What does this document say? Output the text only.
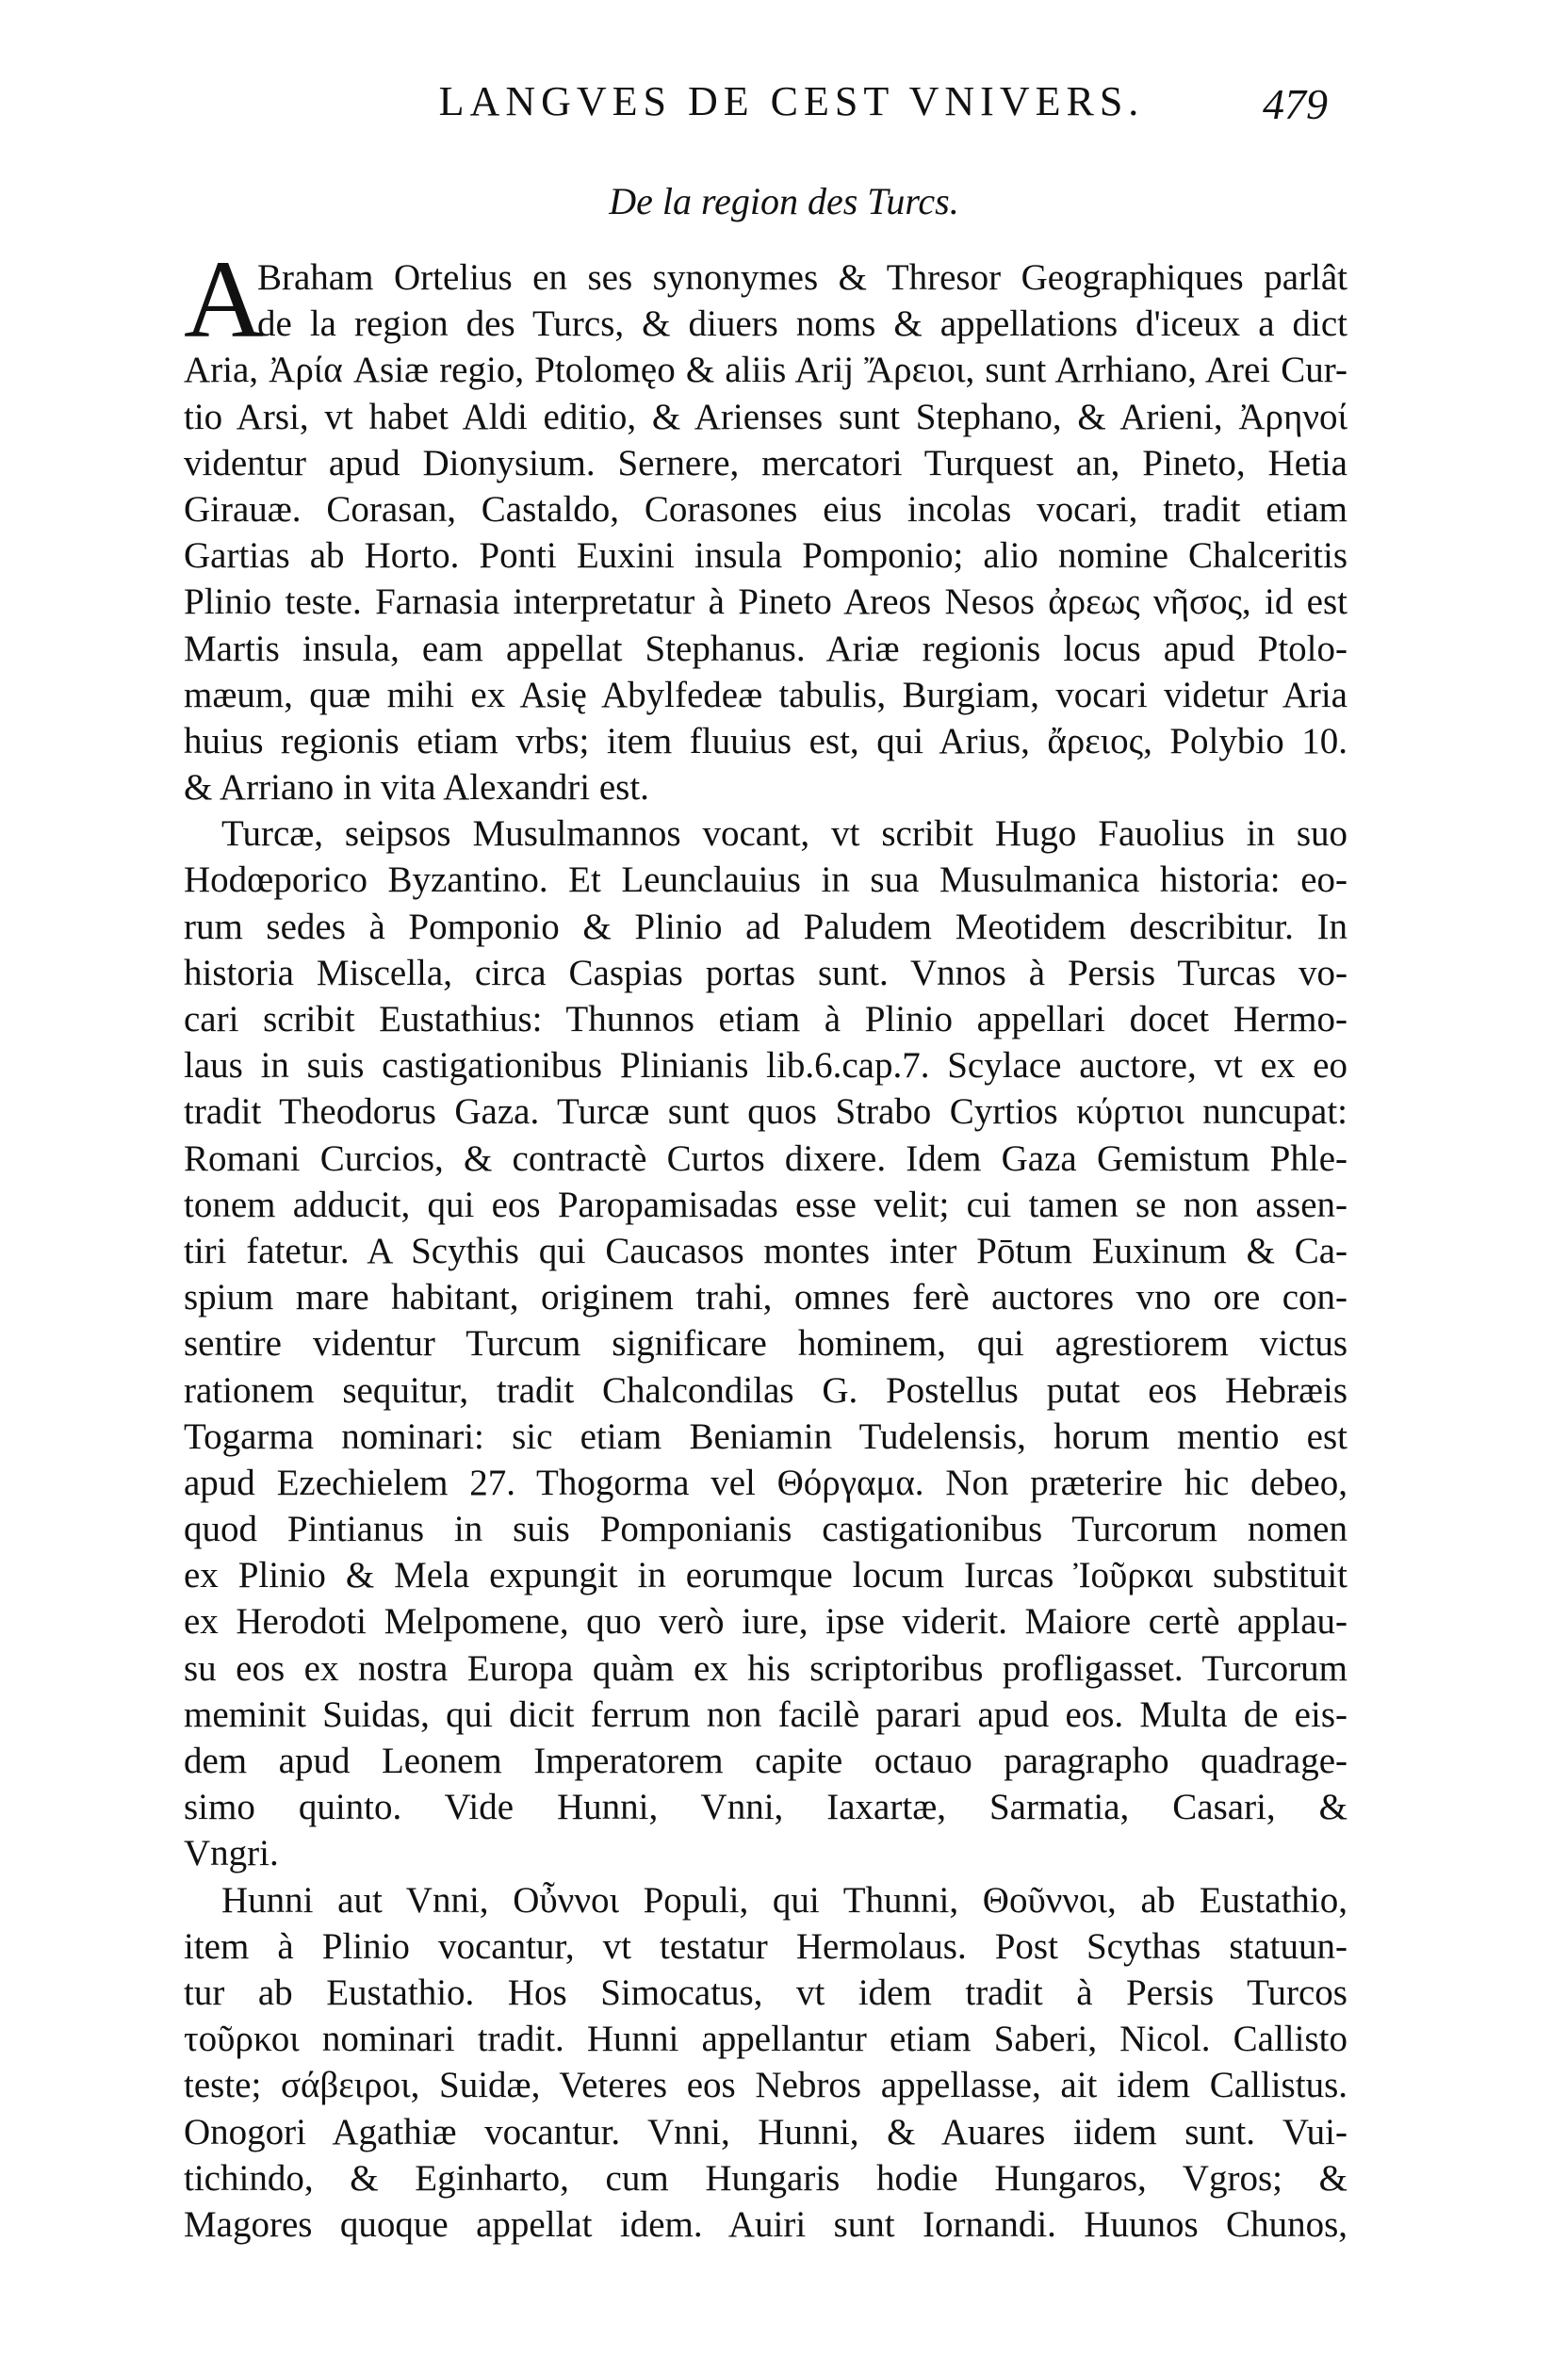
LANGVES DE CEST VNIVERS.	479
De la region des Turcs.
A
Braham Ortelius en ses synonymes & Thresor Geographiques parlât
de la region des Turcs, & diuers noms & appellations d'iceux a dict
Aria, Ἀρία Asiæ regio, Ptolomęo & aliis Arij Ἄρειοι, sunt Arrhiano, Arei Cur-
tio Arsi, vt habet Aldi editio, & Arienses sunt Stephano, & Arieni, Ἀρηνοί
videntur apud Dionysium. Sernere, mercatori Turquest an, Pineto, Hetia
Girauæ. Corasan, Castaldo, Corasones eius incolas vocari, tradit etiam
Gartias ab Horto. Ponti Euxini insula Pomponio; alio nomine Chalceritis
Plinio teste. Farnasia interpretatur à Pineto Areos Nesos ἀρεως νῆσος, id est
Martis insula, eam appellat Stephanus. Ariæ regionis locus apud Ptolo-
mæum, quæ mihi ex Asię Abylfedeæ tabulis, Burgiam, vocari videtur Aria
huius regionis etiam vrbs; item fluuius est, qui Arius, ἄρειος, Polybio 10.
& Arriano in vita Alexandri est.
Turcæ, seipsos Musulmannos vocant, vt scribit Hugo Fauolius in suo
Hodœporico Byzantino. Et Leunclauius in sua Musulmanica historia: eo-
rum sedes à Pomponio & Plinio ad Paludem Meotidem describitur. In
historia Miscella, circa Caspias portas sunt. Vnnos à Persis Turcas vo-
cari scribit Eustathius: Thunnos etiam à Plinio appellari docet Hermo-
laus in suis castigationibus Plinianis lib.6.cap.7. Scylace auctore, vt ex eo
tradit Theodorus Gaza. Turcæ sunt quos Strabo Cyrtios κύρτιοι nuncupat:
Romani Curcios, & contractè Curtos dixere. Idem Gaza Gemistum Phle-
tonem adducit, qui eos Paropamisadas esse velit; cui tamen se non assen-
tiri fatetur. A Scythis qui Caucasos montes inter Pōtum Euxinum & Ca-
spium mare habitant, originem trahi, omnes ferè auctores vno ore con-
sentire videntur Turcum significare hominem, qui agrestiorem victus
rationem sequitur, tradit Chalcondilas G. Postellus putat eos Hebræis
Togarma nominari: sic etiam Beniamin Tudelensis, horum mentio est
apud Ezechielem 27. Thogorma vel Θόργαμα. Non præterire hic debeo,
quod Pintianus in suis Pomponianis castigationibus Turcorum nomen
ex Plinio & Mela expungit in eorumque locum Iurcas Ἰοῦρκαι substituit
ex Herodoti Melpomene, quo verò iure, ipse viderit. Maiore certè applau-
su eos ex nostra Europa quàm ex his scriptoribus profligasset. Turcorum
meminit Suidas, qui dicit ferrum non facilè parari apud eos. Multa de eis-
dem apud Leonem Imperatorem capite octauo paragrapho quadrage-
simo quinto. Vide Hunni, Vnni, Iaxartæ, Sarmatia, Casari, &
Vngri.
Hunni aut Vnni, Οὖννοι Populi, qui Thunni, Θοῦννοι, ab Eustathio,
item à Plinio vocantur, vt testatur Hermolaus. Post Scythas statuun-
tur ab Eustathio. Hos Simocatus, vt idem tradit à Persis Turcos
τοῦρκοι nominari tradit. Hunni appellantur etiam Saberi, Nicol. Callisto
teste; σάβειροι, Suidæ, Veteres eos Nebros appellasse, ait idem Callistus.
Onogori Agathiæ vocantur. Vnni, Hunni, & Auares iidem sunt. Vui-
tichindo, & Eginharto, cum Hungaris hodie Hungaros, Vgros; &
Magores quoque appellat idem. Auiri sunt Iornandi. Huunos Chunos,
